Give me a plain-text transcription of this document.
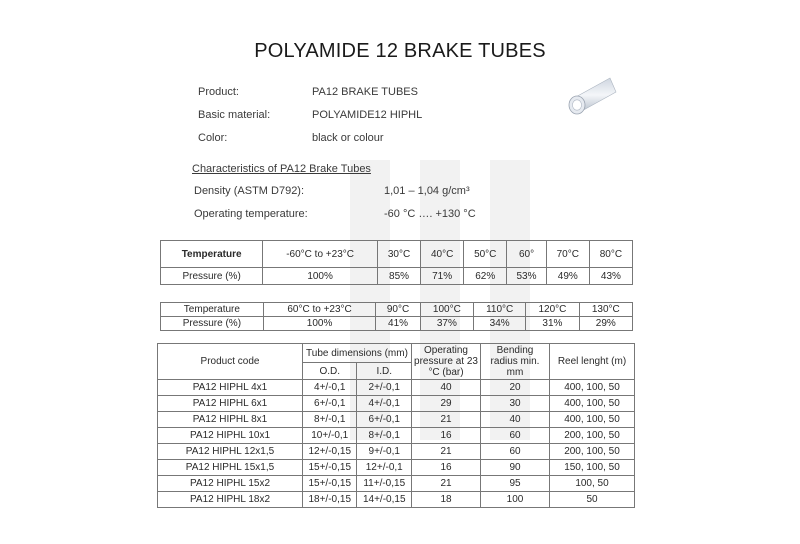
POLYAMIDE 12 BRAKE TUBES
Product:	PA12 BRAKE TUBES
Basic material:	POLYAMIDE12 HIPHL
Color:	black or colour
Characteristics of PA12 Brake Tubes
Density (ASTM D792):	1,01 – 1,04 g/cm³
Operating temperature:	-60 °C …. +130 °C
Temperature	-60°C to +23°C	30°C	40°C	50°C	60°	70°C	80°C
Pressure (%)	100%	85%	71%	62%	53%	49%	43%
Temperature	60°C to +23°C	90°C	100°C	110°C	120°C	130°C
Pressure (%)	100%	41%	37%	34%	31%	29%
Product code	Tube dimensions (mm)		Operating pressure at 23 °C (bar)	Bending radius min. mm	Reel lenght (m)
	O.D.	I.D.			
PA12 HIPHL 4x1	4+/-0,1	2+/-0,1	40	20	400, 100, 50
PA12 HIPHL 6x1	6+/-0,1	4+/-0,1	29	30	400, 100, 50
PA12 HIPHL 8x1	8+/-0,1	6+/-0,1	21	40	400, 100, 50
PA12 HIPHL 10x1	10+/-0,1	8+/-0,1	16	60	200, 100, 50
PA12 HIPHL 12x1,5	12+/-0,15	9+/-0,1	21	60	200, 100, 50
PA12 HIPHL 15x1,5	15+/-0,15	12+/-0,1	16	90	150, 100, 50
PA12 HIPHL 15x2	15+/-0,15	11+/-0,15	21	95	100, 50
PA12 HIPHL 18x2	18+/-0,15	14+/-0,15	18	100	50
